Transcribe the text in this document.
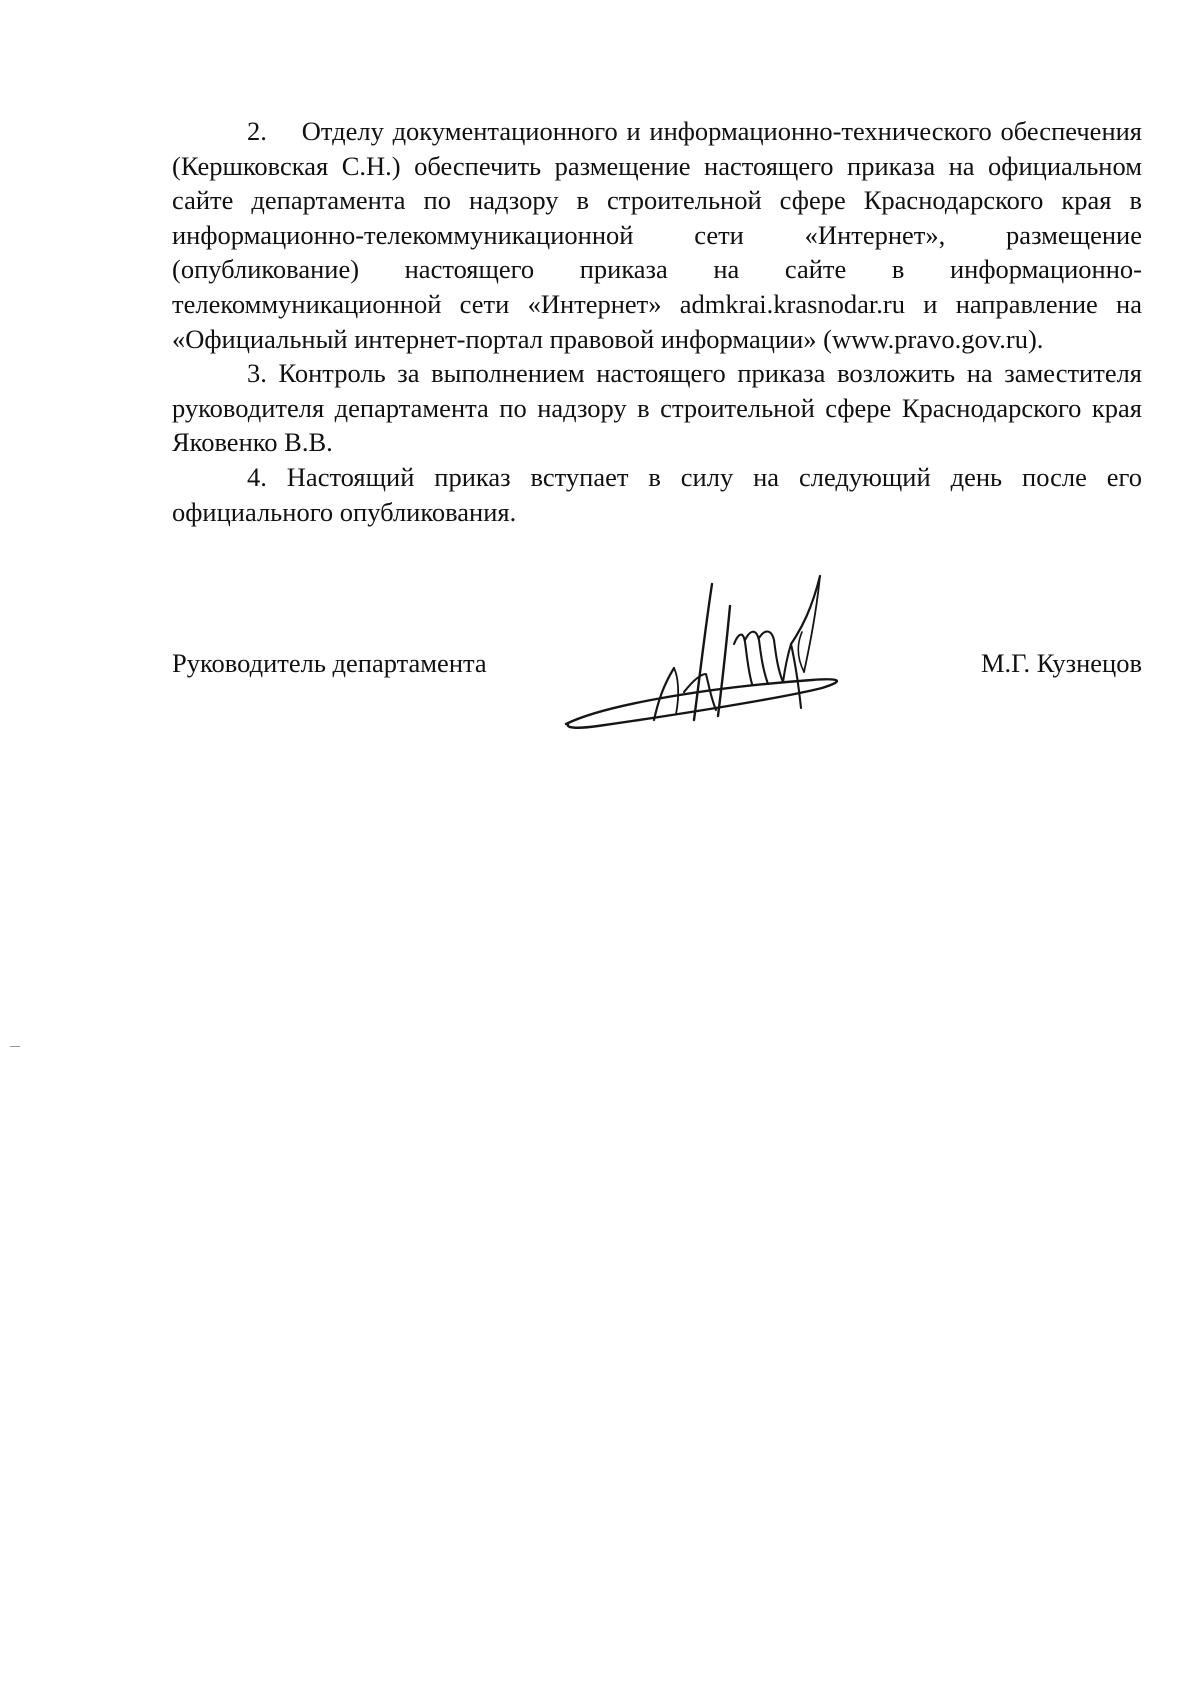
2.    Отделу документационного и информационно-технического обеспечения (Кершковская С.Н.) обеспечить размещение настоящего приказа на официальном сайте департамента по надзору в строительной сфере Краснодарского края в информационно-телекоммуникационной сети «Интернет», размещение (опубликование) настоящего приказа на сайте в информационно-телекоммуникационной сети «Интернет» admkrai.krasnodar.ru и направление на «Официальный интернет-портал правовой информации» (www.pravo.gov.ru).

3. Контроль за выполнением настоящего приказа возложить на заместителя руководителя департамента по надзору в строительной сфере Краснодарского края Яковенко В.В.

4. Настоящий приказ вступает в силу на следующий день после его официального опубликования.

Руководитель департамента	М.Г. Кузнецов
